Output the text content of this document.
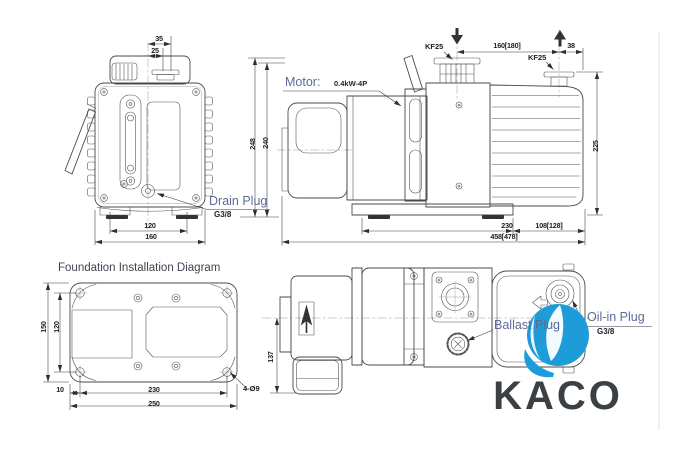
35
25
120
160
Drain Plug
G3/8
Motor: 0.4kW-4P
KF25
KF25
160[180]	38
248 240	225
230	108[128]
458[478]
Foundation Installation Diagram
150 120
10	230
250
4-Ø9
137
Ballast Plug
Oil-in Plug
G3/8
KACO
